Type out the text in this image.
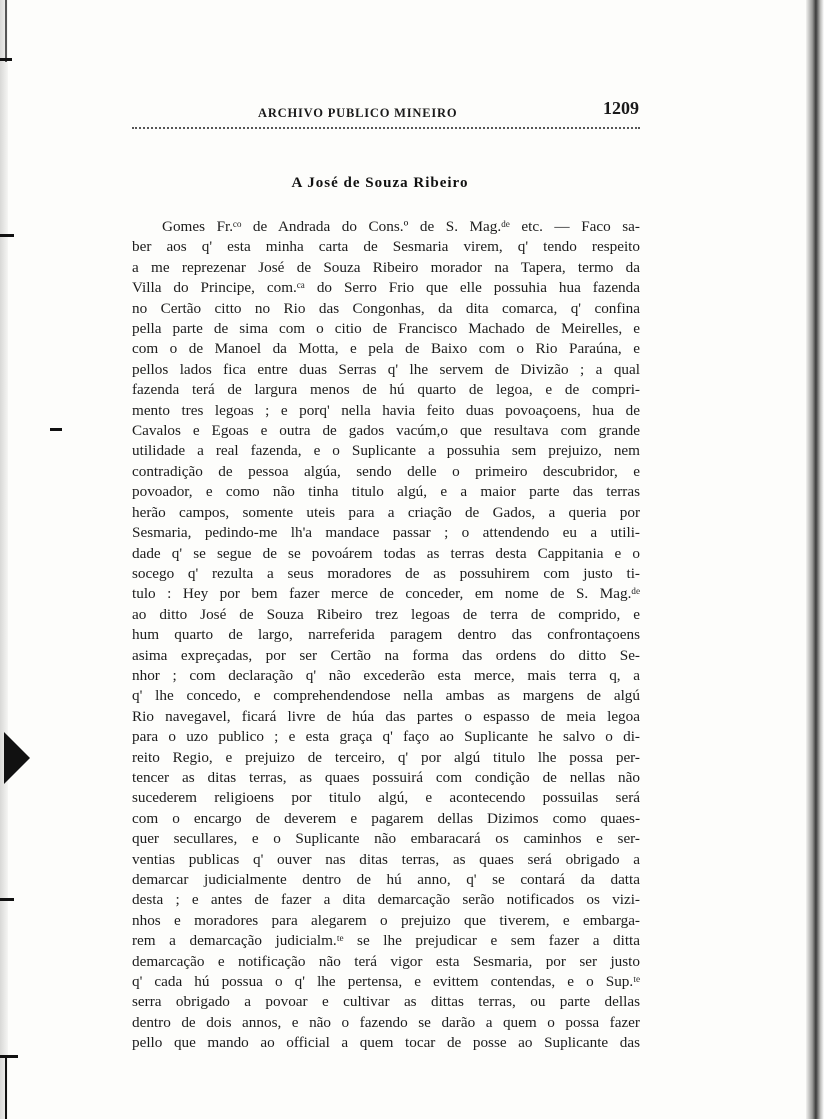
ARCHIVO PUBLICO MINEIRO	1209
A José de Souza Ribeiro
Gomes Fr.ᶜᵒ de Andrada do Cons.º de S. Mag.ᵈᵉ etc. — Faco sa-
ber aos q' esta minha carta de Sesmaria virem, q' tendo respeito
a me reprezenar José de Souza Ribeiro morador na Tapera, termo da
Villa do Principe, com.ᶜᵃ do Serro Frio que elle possuhia hua fazenda
no Certão citto no Rio das Congonhas, da dita comarca, q' confina
pella parte de sima com o citio de Francisco Machado de Meirelles, e
com o de Manoel da Motta, e pela de Baixo com o Rio Paraúna, e
pellos lados fica entre duas Serras q' lhe servem de Divizão ; a qual
fazenda terá de largura menos de hú quarto de legoa, e de compri-
mento tres legoas ; e porq' nella havia feito duas povoaçoens, hua de
Cavalos e Egoas e outra de gados vacúm,o que resultava com grande
utilidade a real fazenda, e o Suplicante a possuhia sem prejuizo, nem
contradição de pessoa algúa, sendo delle o primeiro descubridor, e
povoador, e como não tinha titulo algú, e a maior parte das terras
herão campos, somente uteis para a criação de Gados, a queria por
Sesmaria, pedindo-me lh'a mandace passar ; o attendendo eu a utili-
dade q' se segue de se povoárem todas as terras desta Cappitania e o
socego q' rezulta a seus moradores de as possuhirem com justo ti-
tulo : Hey por bem fazer merce de conceder, em nome de S. Mag.ᵈᵉ
ao ditto José de Souza Ribeiro trez legoas de terra de comprido, e
hum quarto de largo, narreferida paragem dentro das confrontaçoens
asima expreçadas, por ser Certão na forma das ordens do ditto Se-
nhor ; com declaração q' não excederão esta merce, mais terra q, a
q' lhe concedo, e comprehendendose nella ambas as margens de algú
Rio navegavel, ficará livre de húa das partes o espasso de meia legoa
para o uzo publico ; e esta graça q' faço ao Suplicante he salvo o di-
reito Regio, e prejuizo de terceiro, q' por algú titulo lhe possa per-
tencer as ditas terras, as quaes possuirá com condição de nellas não
sucederem religioens por titulo algú, e acontecendo possuilas será
com o encargo de deverem e pagarem dellas Dizimos como quaes-
quer secullares, e o Suplicante não embaracará os caminhos e ser-
ventias publicas q' ouver nas ditas terras, as quaes será obrigado a
demarcar judicialmente dentro de hú anno, q' se contará da datta
desta ; e antes de fazer a dita demarcação serão notificados os vizi-
nhos e moradores para alegarem o prejuizo que tiverem, e embarga-
rem a demarcação judicialm.ᵗᵉ se lhe prejudicar e sem fazer a ditta
demarcação e notificação não terá vigor esta Sesmaria, por ser justo
q' cada hú possua o q' lhe pertensa, e evittem contendas, e o Sup.ᵗᵉ
serra obrigado a povoar e cultivar as dittas terras, ou parte dellas
dentro de dois annos, e não o fazendo se darão a quem o possa fazer
pello que mando ao official a quem tocar de posse ao Suplicante das
